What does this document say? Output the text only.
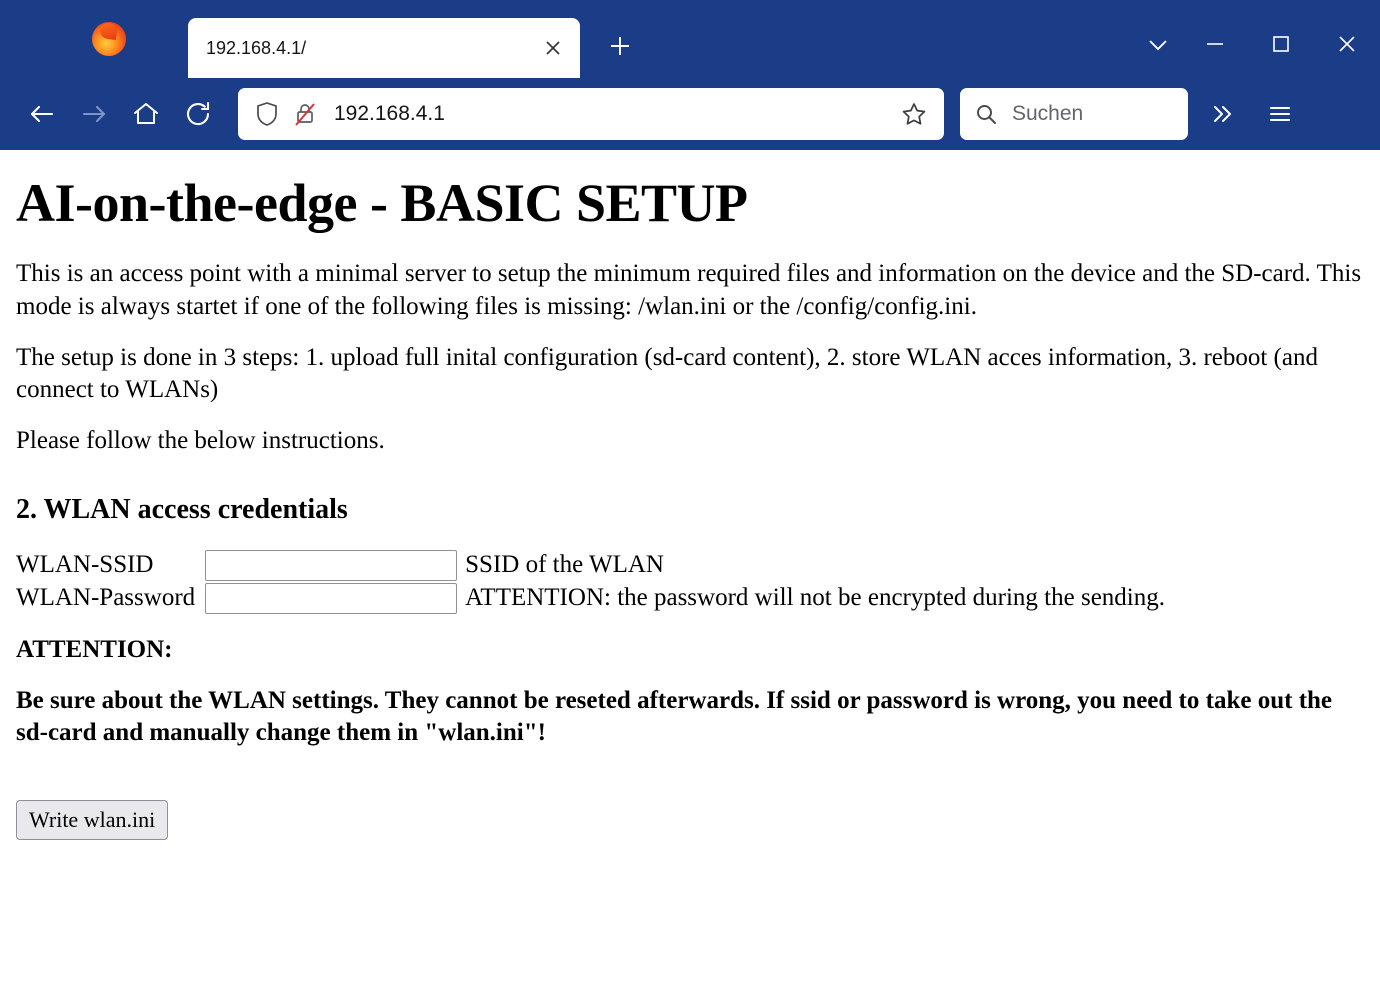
192.168.4.1/
192.168.4.1
Suchen
AI-on-the-edge - BASIC SETUP

This is an access point with a minimal server to setup the minimum required files and information on the device and the SD-card. This mode is always startet if one of the following files is missing: /wlan.ini or the /config/config.ini.

The setup is done in 3 steps: 1. upload full inital configuration (sd-card content), 2. store WLAN acces information, 3. reboot (and connect to WLANs)

Please follow the below instructions.

2. WLAN access credentials
WLAN-SSID		SSID of the WLAN
WLAN-Password		ATTENTION: the password will not be encrypted during the sending.

ATTENTION:

Be sure about the WLAN settings. They cannot be reseted afterwards. If ssid or password is wrong, you need to take out the sd-card and manually change them in "wlan.ini"!

Write wlan.ini
